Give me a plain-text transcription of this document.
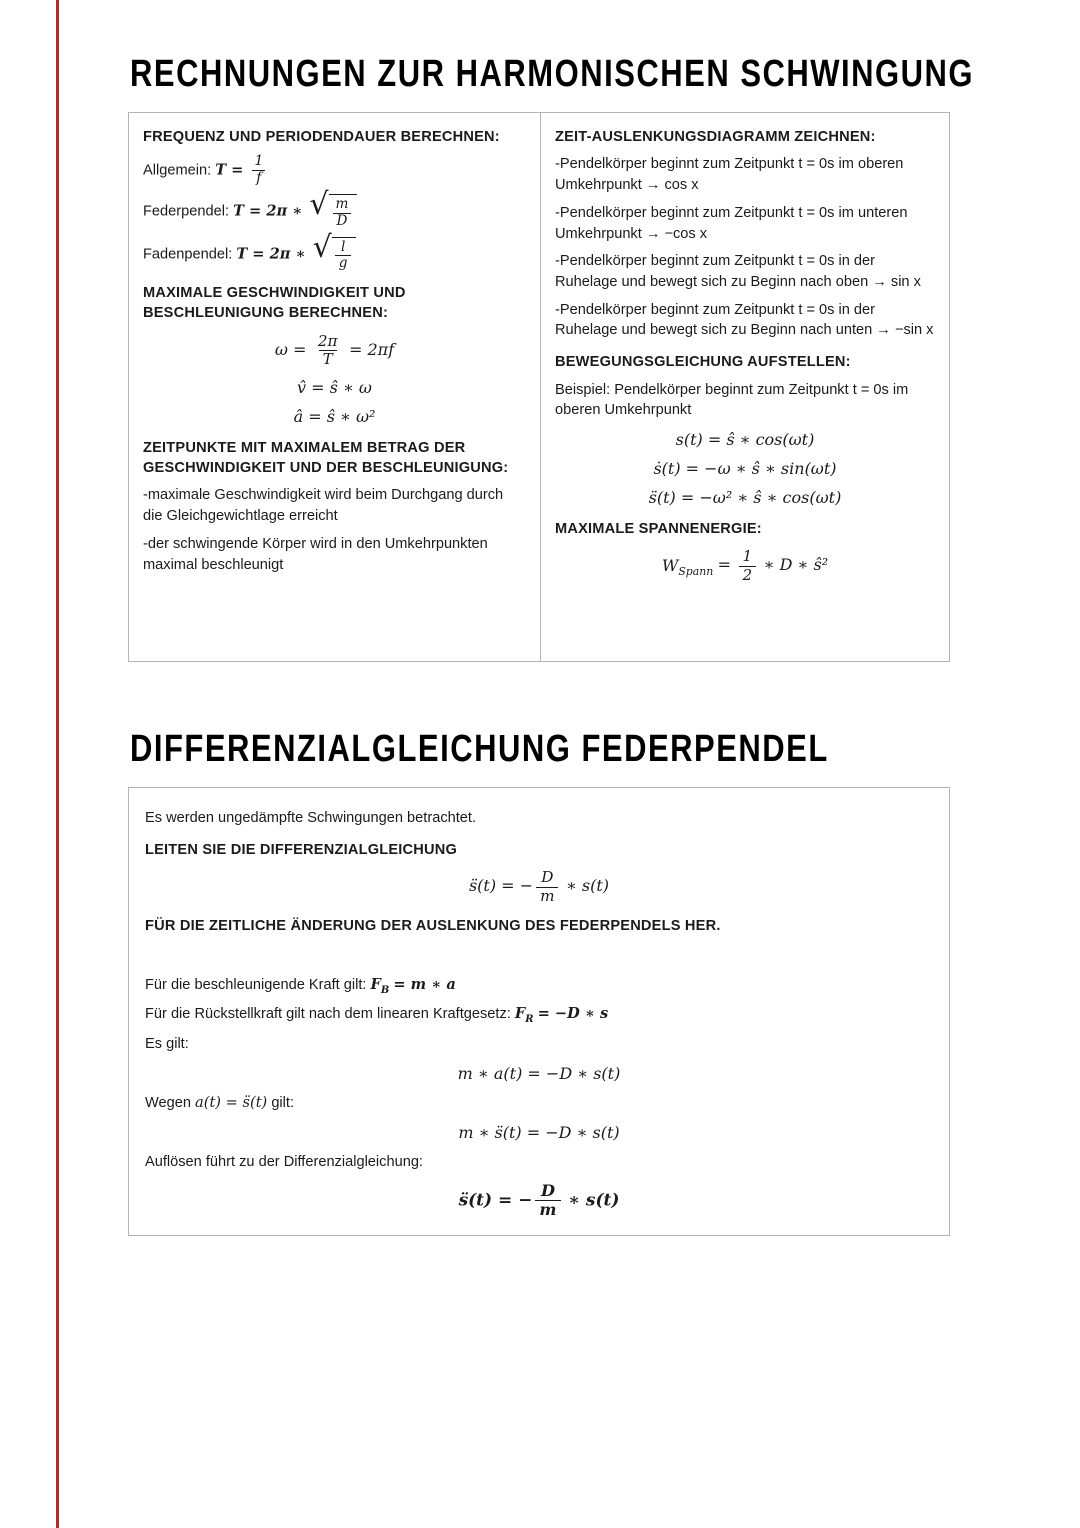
RECHNUNGEN ZUR HARMONISCHEN SCHWINGUNG

FREQUENZ UND PERIODENDAUER BERECHNEN:

Allgemein: $T = \frac{1}{f}$

Federpendel: T = 2π ∗ √ $\frac{m}{D}$

Fadenpendel: T = 2π ∗ √ $\frac{l}{g}$

MAXIMALE GESCHWINDIGKEIT UND BESCHLEUNIGUNG BERECHNEN:

$\omega = \frac{2\pi}{T} = 2\pi f$
v̂ = ŝ ∗ ω
â = ŝ ∗ ω²

ZEITPUNKTE MIT MAXIMALEM BETRAG DER GESCHWINDIGKEIT UND DER BESCHLEUNIGUNG:

-maximale Geschwindigkeit wird beim Durchgang durch die Gleichgewichtlage erreicht

-der schwingende Körper wird in den Umkehrpunkten maximal beschleunigt

ZEIT-AUSLENKUNGSDIAGRAMM ZEICHNEN:

-Pendelkörper beginnt zum Zeitpunkt t = 0s im oberen Umkehrpunkt → cos x

-Pendelkörper beginnt zum Zeitpunkt t = 0s im unteren Umkehrpunkt → −cos x

-Pendelkörper beginnt zum Zeitpunkt t = 0s in der Ruhelage und bewegt sich zu Beginn nach oben → sin x

-Pendelkörper beginnt zum Zeitpunkt t = 0s in der Ruhelage und bewegt sich zu Beginn nach unten → −sin x

BEWEGUNGSGLEICHUNG AUFSTELLEN:

Beispiel: Pendelkörper beginnt zum Zeitpunkt t = 0s im oberen Umkehrpunkt

s(t) = ŝ ∗ cos(ωt)
ṡ(t) = −ω ∗ ŝ ∗ sin(ωt)
s̈(t) = −ω² ∗ ŝ ∗ cos(ωt)

MAXIMALE SPANNENERGIE:

$W_{Spann} = \frac{1}{2}$ ∗ D ∗ ŝ²
DIFFERENZIALGLEICHUNG FEDERPENDEL

Es werden ungedämpfte Schwingungen betrachtet.

LEITEN SIE DIE DIFFERENZIALGLEICHUNG

s̈(t) = − $\frac{D}{m}$ ∗ s(t)

FÜR DIE ZEITLICHE ÄNDERUNG DER AUSLENKUNG DES FEDERPENDELS HER.

Für die beschleunigende Kraft gilt: $F_B = m$ ∗ a

Für die Rückstellkraft gilt nach dem linearen Kraftgesetz: $F_R = -D$ ∗ s

Es gilt:

m ∗ a(t) = −D ∗ s(t)

Wegen a(t) = s̈(t) gilt:

m ∗ s̈(t) = −D ∗ s(t)

Auflösen führt zu der Differenzialgleichung:

s̈(t) = − $\frac{D}{m}$ ∗ s(t)
